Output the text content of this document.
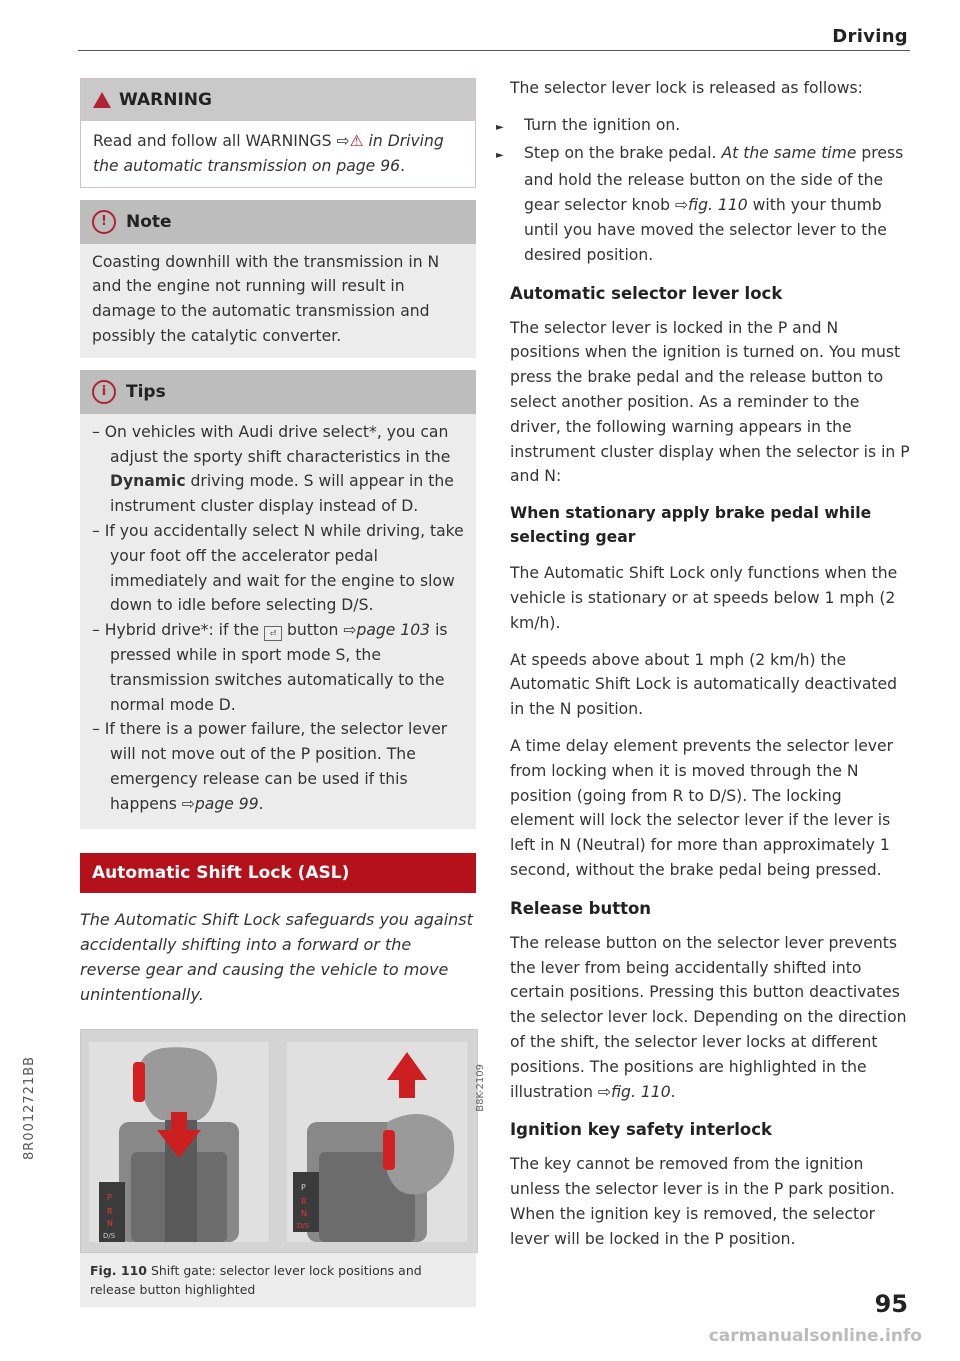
Driving
8R0012721BB
WARNING
Read and follow all WARNINGS ⇨⚠ in Driving the automatic transmission on page 96.
!	Note
Coasting downhill with the transmission in N and the engine not running will result in damage to the automatic transmission and possibly the catalytic converter.
i	Tips
– On vehicles with Audi drive select*, you can adjust the sporty shift characteristics in the Dynamic driving mode. S will appear in the instrument cluster display instead of D.
– If you accidentally select N while driving, take your foot off the accelerator pedal immediately and wait for the engine to slow down to idle before selecting D/S.
– Hybrid drive*: if the ⏎ button ⇨page 103 is pressed while in sport mode S, the transmission switches automatically to the normal mode D.
– If there is a power failure, the selector lever will not move out of the P position. The emergency release can be used if this happens ⇨page 99.
Automatic Shift Lock (ASL)
The Automatic Shift Lock safeguards you against accidentally shifting into a forward or the reverse gear and causing the vehicle to move unintentionally.
P
R
N
D/S
P
R
N
D/S
B8K-2109
Fig. 110 Shift gate: selector lever lock positions and release button highlighted

The selector lever lock is released as follows:

► Turn the ignition on.
► Step on the brake pedal. At the same time press and hold the release button on the side of the gear selector knob ⇨fig. 110 with your thumb until you have moved the selector lever to the desired position.
Automatic selector lever lock

The selector lever is locked in the P and N positions when the ignition is turned on. You must press the brake pedal and the release button to select another position. As a reminder to the driver, the following warning appears in the instrument cluster display when the selector is in P and N:

When stationary apply brake pedal while selecting gear

The Automatic Shift Lock only functions when the vehicle is stationary or at speeds below 1 mph (2 km/h).

At speeds above about 1 mph (2 km/h) the Automatic Shift Lock is automatically deactivated in the N position.

A time delay element prevents the selector lever from locking when it is moved through the N position (going from R to D/S). The locking element will lock the selector lever if the lever is left in N (Neutral) for more than approximately 1 second, without the brake pedal being pressed.

Release button

The release button on the selector lever prevents the lever from being accidentally shifted into certain positions. Pressing this button deactivates the selector lever lock. Depending on the direction of the shift, the selector lever locks at different positions. The positions are highlighted in the illustration ⇨fig. 110.

Ignition key safety interlock

The key cannot be removed from the ignition unless the selector lever is in the P park position. When the ignition key is removed, the selector lever will be locked in the P position.

95
carmanualsonline.info
